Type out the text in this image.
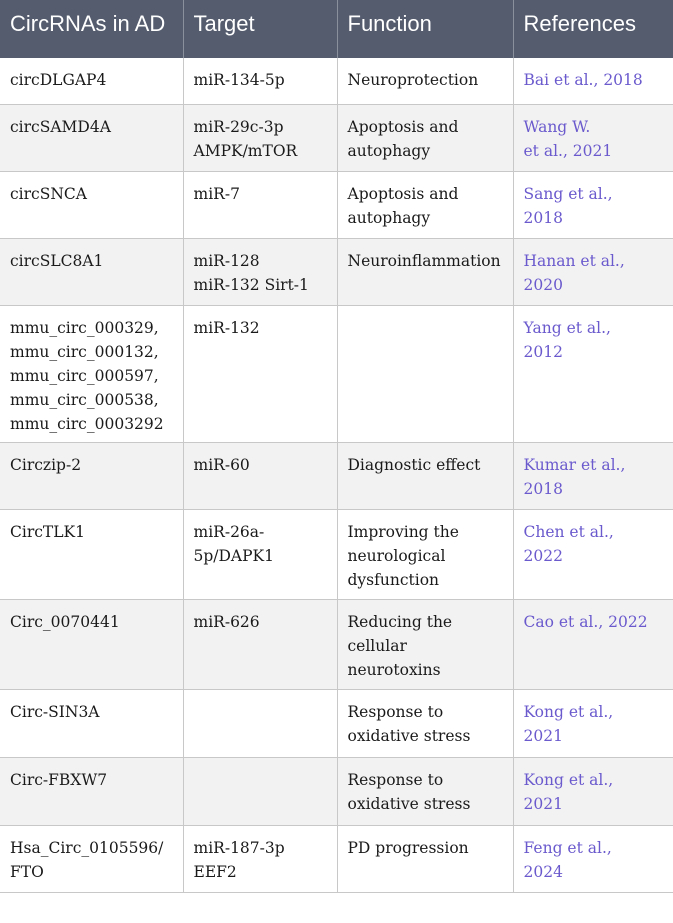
CircRNAs in AD	Target	Function	References

circDLGAP4	miR-134-5p	Neuroprotection	Bai et al., 2018

circSAMD4A	miR-29c-3p
AMPK/mTOR	Apoptosis and
autophagy	Wang W.
et al., 2021

circSNCA	miR-7	Apoptosis and
autophagy	Sang et al.,
2018

circSLC8A1	miR-128
miR-132 Sirt-1	Neuroinflammation	Hanan et al.,
2020

mmu_circ_000329,
mmu_circ_000132,
mmu_circ_000597,
mmu_circ_000538,
mmu_circ_0003292	miR-132		Yang et al.,
2012

Circzip-2	miR-60	Diagnostic effect	Kumar et al.,
2018

CircTLK1	miR-26a-
5p/DAPK1	Improving the
neurological
dysfunction	Chen et al.,
2022

Circ_0070441	miR-626	Reducing the
cellular
neurotoxins	Cao et al., 2022

Circ-SIN3A		Response to
oxidative stress	Kong et al.,
2021

Circ-FBXW7		Response to
oxidative stress	Kong et al.,
2021

Hsa_Circ_0105596/
FTO	miR-187-3p
EEF2	PD progression	Feng et al.,
2024
